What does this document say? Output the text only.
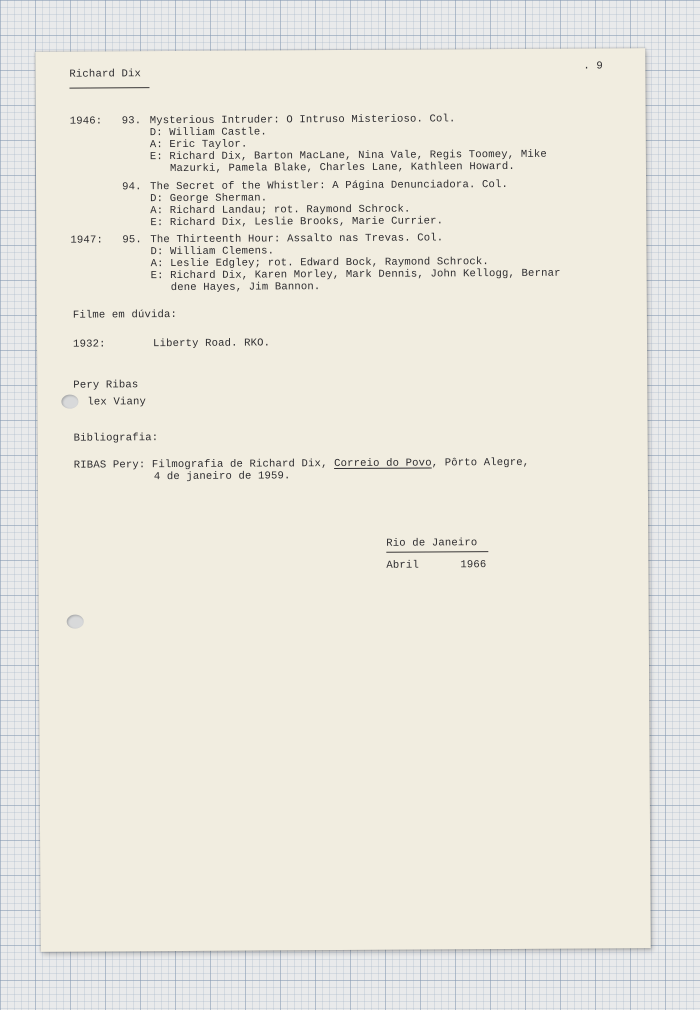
Richard Dix
. 9
1946: 93. Mysterious Intruder: O Intruso Misterioso. Col.
D: William Castle.
A: Eric Taylor.
E: Richard Dix, Barton MacLane, Nina Vale, Regis Toomey, Mike
Mazurki, Pamela Blake, Charles Lane, Kathleen Howard.
94. The Secret of the Whistler: A Página Denunciadora. Col.
D: George Sherman.
A: Richard Landau; rot. Raymond Schrock.
E: Richard Dix, Leslie Brooks, Marie Currier.
1947: 95. The Thirteenth Hour: Assalto nas Trevas. Col.
D: William Clemens.
A: Leslie Edgley; rot. Edward Bock, Raymond Schrock.
E: Richard Dix, Karen Morley, Mark Dennis, John Kellogg, Bernar
dene Hayes, Jim Bannon.
Filme em dúvida:
1932:	Liberty Road. RKO.
Pery Ribas
lex Viany
Bibliografia:
RIBAS Pery: Filmografia de Richard Dix, Correio do Povo, Pôrto Alegre,
4 de janeiro de 1959.
Rio de Janeiro
Abril	1966
